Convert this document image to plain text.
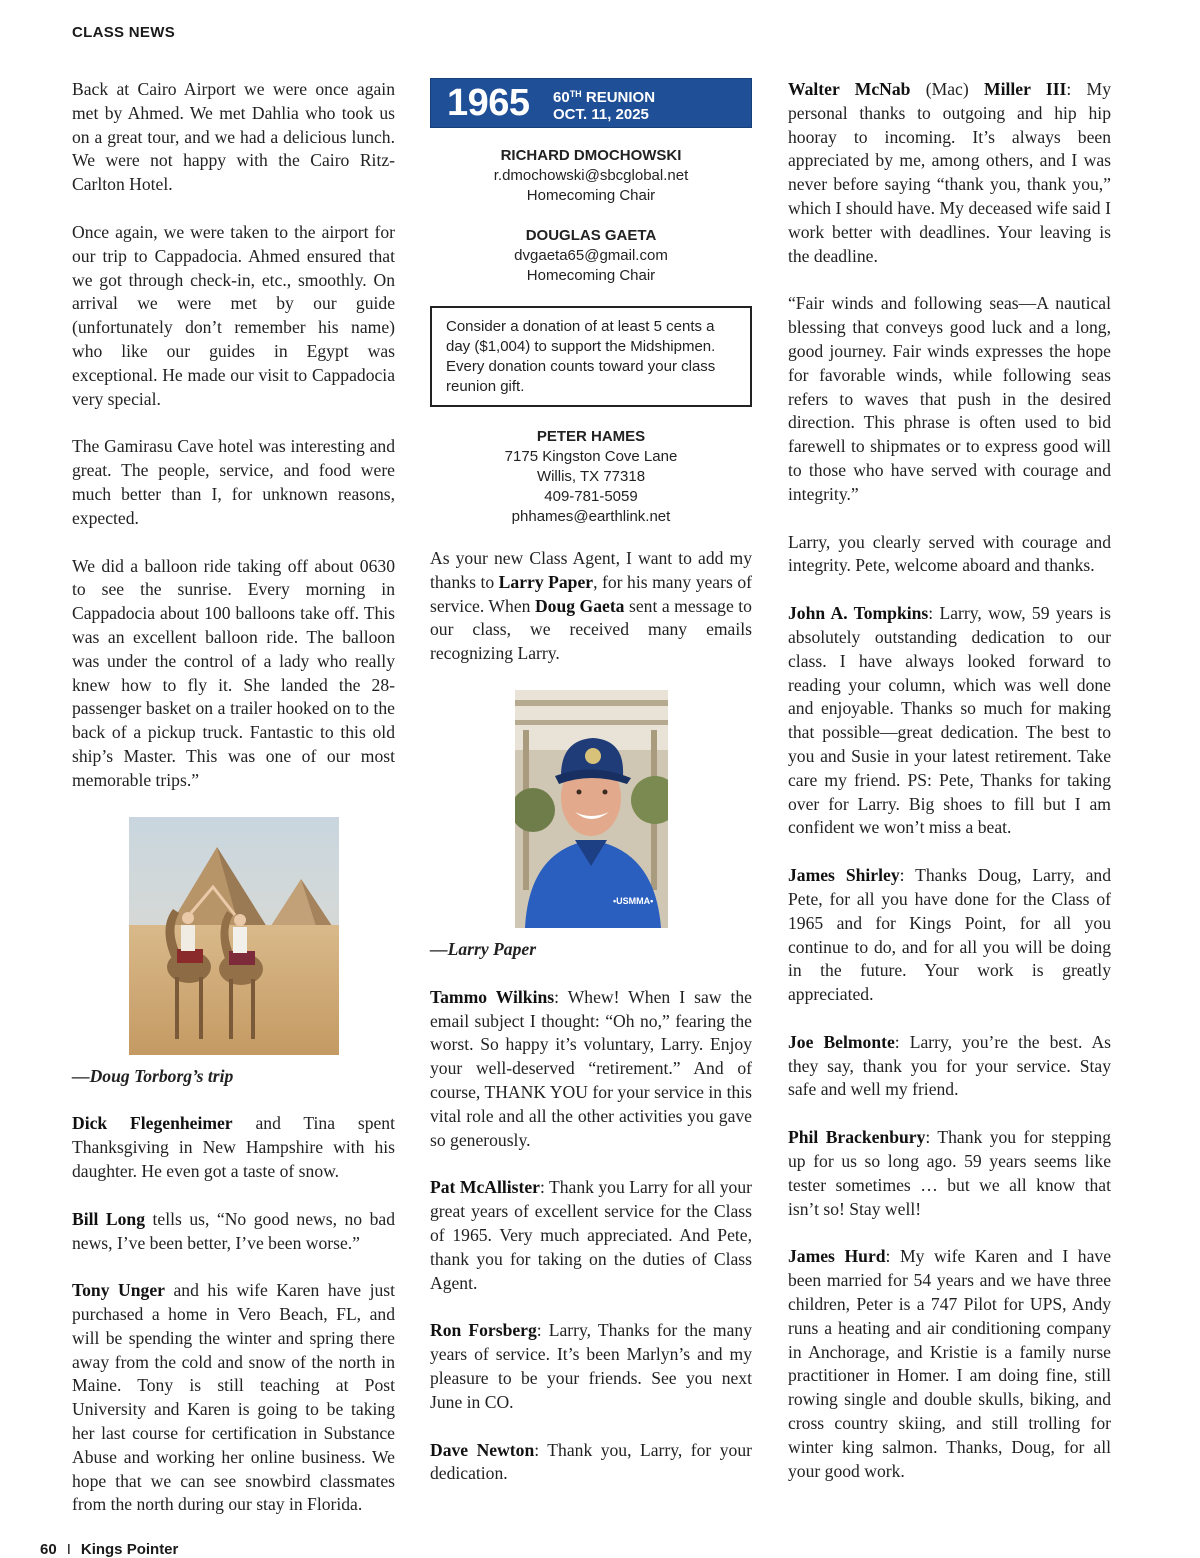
CLASS NEWS

Back at Cairo Airport we were once again met by Ahmed. We met Dahlia who took us on a great tour, and we had a delicious lunch. We were not happy with the Cairo Ritz-Carlton Hotel.

Once again, we were taken to the airport for our trip to Cappadocia. Ahmed ensured that we got through check-in, etc., smoothly. On arrival we were met by our guide (unfortunately don’t remember his name) who like our guides in Egypt was exceptional. He made our visit to Cappadocia very special.

The Gamirasu Cave hotel was interesting and great. The people, service, and food were much better than I, for unknown reasons, expected.

We did a balloon ride taking off about 0630 to see the sunrise. Every morning in Cappadocia about 100 balloons take off. This was an excellent balloon ride. The balloon was under the control of a lady who really knew how to fly it. She landed the 28-passenger basket on a trailer hooked on to the back of a pickup truck. Fantastic to this old ship’s Master. This was one of our most memorable trips.”

—Doug Torborg’s trip

Dick Flegenheimer and Tina spent Thanksgiving in New Hampshire with his daughter. He even got a taste of snow.

Bill Long tells us, “No good news, no bad news, I’ve been better, I’ve been worse.”

Tony Unger and his wife Karen have just purchased a home in Vero Beach, FL, and will be spending the winter and spring there away from the cold and snow of the north in Maine. Tony is still teaching at Post University and Karen is going to be taking her last course for certification in Substance Abuse and working her online business. We hope that we can see snowbird classmates from the north during our stay in Florida.

1965 60TH REUNION
OCT. 11, 2025
RICHARD DMOCHOWSKI
r.dmochowski@sbcglobal.net
Homecoming Chair
DOUGLAS GAETA
dvgaeta65@gmail.com
Homecoming Chair
Consider a donation of at least 5 cents a day ($1,004) to support the Midshipmen. Every donation counts toward your class reunion gift.
PETER HAMES
7175 Kingston Cove Lane
Willis, TX 77318
409-781-5059
phhames@earthlink.net

As your new Class Agent, I want to add my thanks to Larry Paper, for his many years of service. When Doug Gaeta sent a message to our class, we received many emails recognizing Larry.

•USMMA•
—Larry Paper

Tammo Wilkins: Whew! When I saw the email subject I thought: “Oh no,” fearing the worst. So happy it’s voluntary, Larry. Enjoy your well-deserved “retirement.” And of course, THANK YOU for your service in this vital role and all the other activities you gave so generously.

Pat McAllister: Thank you Larry for all your great years of excellent service for the Class of 1965. Very much appreciated. And Pete, thank you for taking on the duties of Class Agent.

Ron Forsberg: Larry, Thanks for the many years of service. It’s been Marlyn’s and my pleasure to be your friends. See you next June in CO.

Dave Newton: Thank you, Larry, for your dedication.

Walter McNab (Mac) Miller III: My personal thanks to outgoing and hip hip hooray to incoming. It’s always been appreciated by me, among others, and I was never before saying “thank you, thank you,” which I should have. My deceased wife said I work better with deadlines. Your leaving is the deadline.

“Fair winds and following seas—A nautical blessing that conveys good luck and a long, good journey. Fair winds expresses the hope for favorable winds, while following seas refers to waves that push in the desired direction. This phrase is often used to bid farewell to shipmates or to express good will to those who have served with courage and integrity.”

Larry, you clearly served with courage and integrity. Pete, welcome aboard and thanks.

John A. Tompkins: Larry, wow, 59 years is absolutely outstanding dedication to our class. I have always looked forward to reading your column, which was well done and enjoyable. Thanks so much for making that possible—great dedication. The best to you and Susie in your latest retirement. Take care my friend. PS: Pete, Thanks for taking over for Larry. Big shoes to fill but I am confident we won’t miss a beat.

James Shirley: Thanks Doug, Larry, and Pete, for all you have done for the Class of 1965 and for Kings Point, for all you continue to do, and for all you will be doing in the future. Your work is greatly appreciated.

Joe Belmonte: Larry, you’re the best. As they say, thank you for your service. Stay safe and well my friend.

Phil Brackenbury: Thank you for stepping up for us so long ago. 59 years seems like tester sometimes … but we all know that isn’t so! Stay well!

James Hurd: My wife Karen and I have been married for 54 years and we have three children, Peter is a 747 Pilot for UPS, Andy runs a heating and air conditioning company in Anchorage, and Kristie is a family nurse practitioner in Homer. I am doing fine, still rowing single and double skulls, biking, and cross country skiing, and still trolling for winter king salmon. Thanks, Doug, for all your good work.

60 I Kings Pointer
